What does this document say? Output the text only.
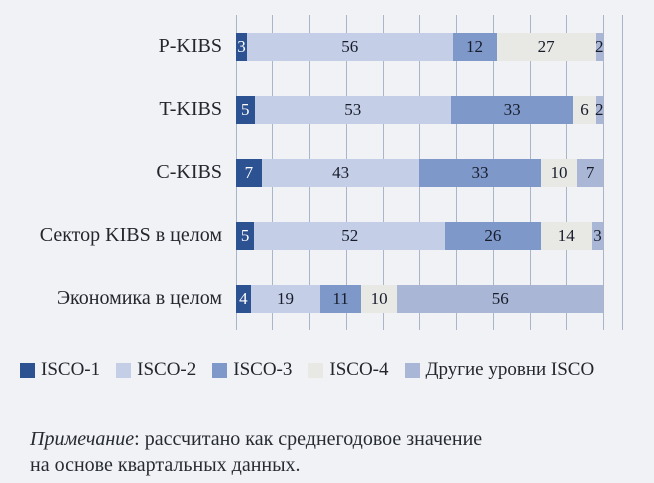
P-KIBS 3	56	12	27 2
T-KIBS	5	53	33	6 2
C-KIBS	7	43	33	10 7
Сектор KIBS в целом	5	52	26	14 3
Экономика в целом	4 19 11 10	56
ISCO-1 ISCO-2 ISCO-3 ISCO-4 Другие уровни ISCO
Примечание: рассчитано как среднегодовое значение
на основе квартальных данных.
